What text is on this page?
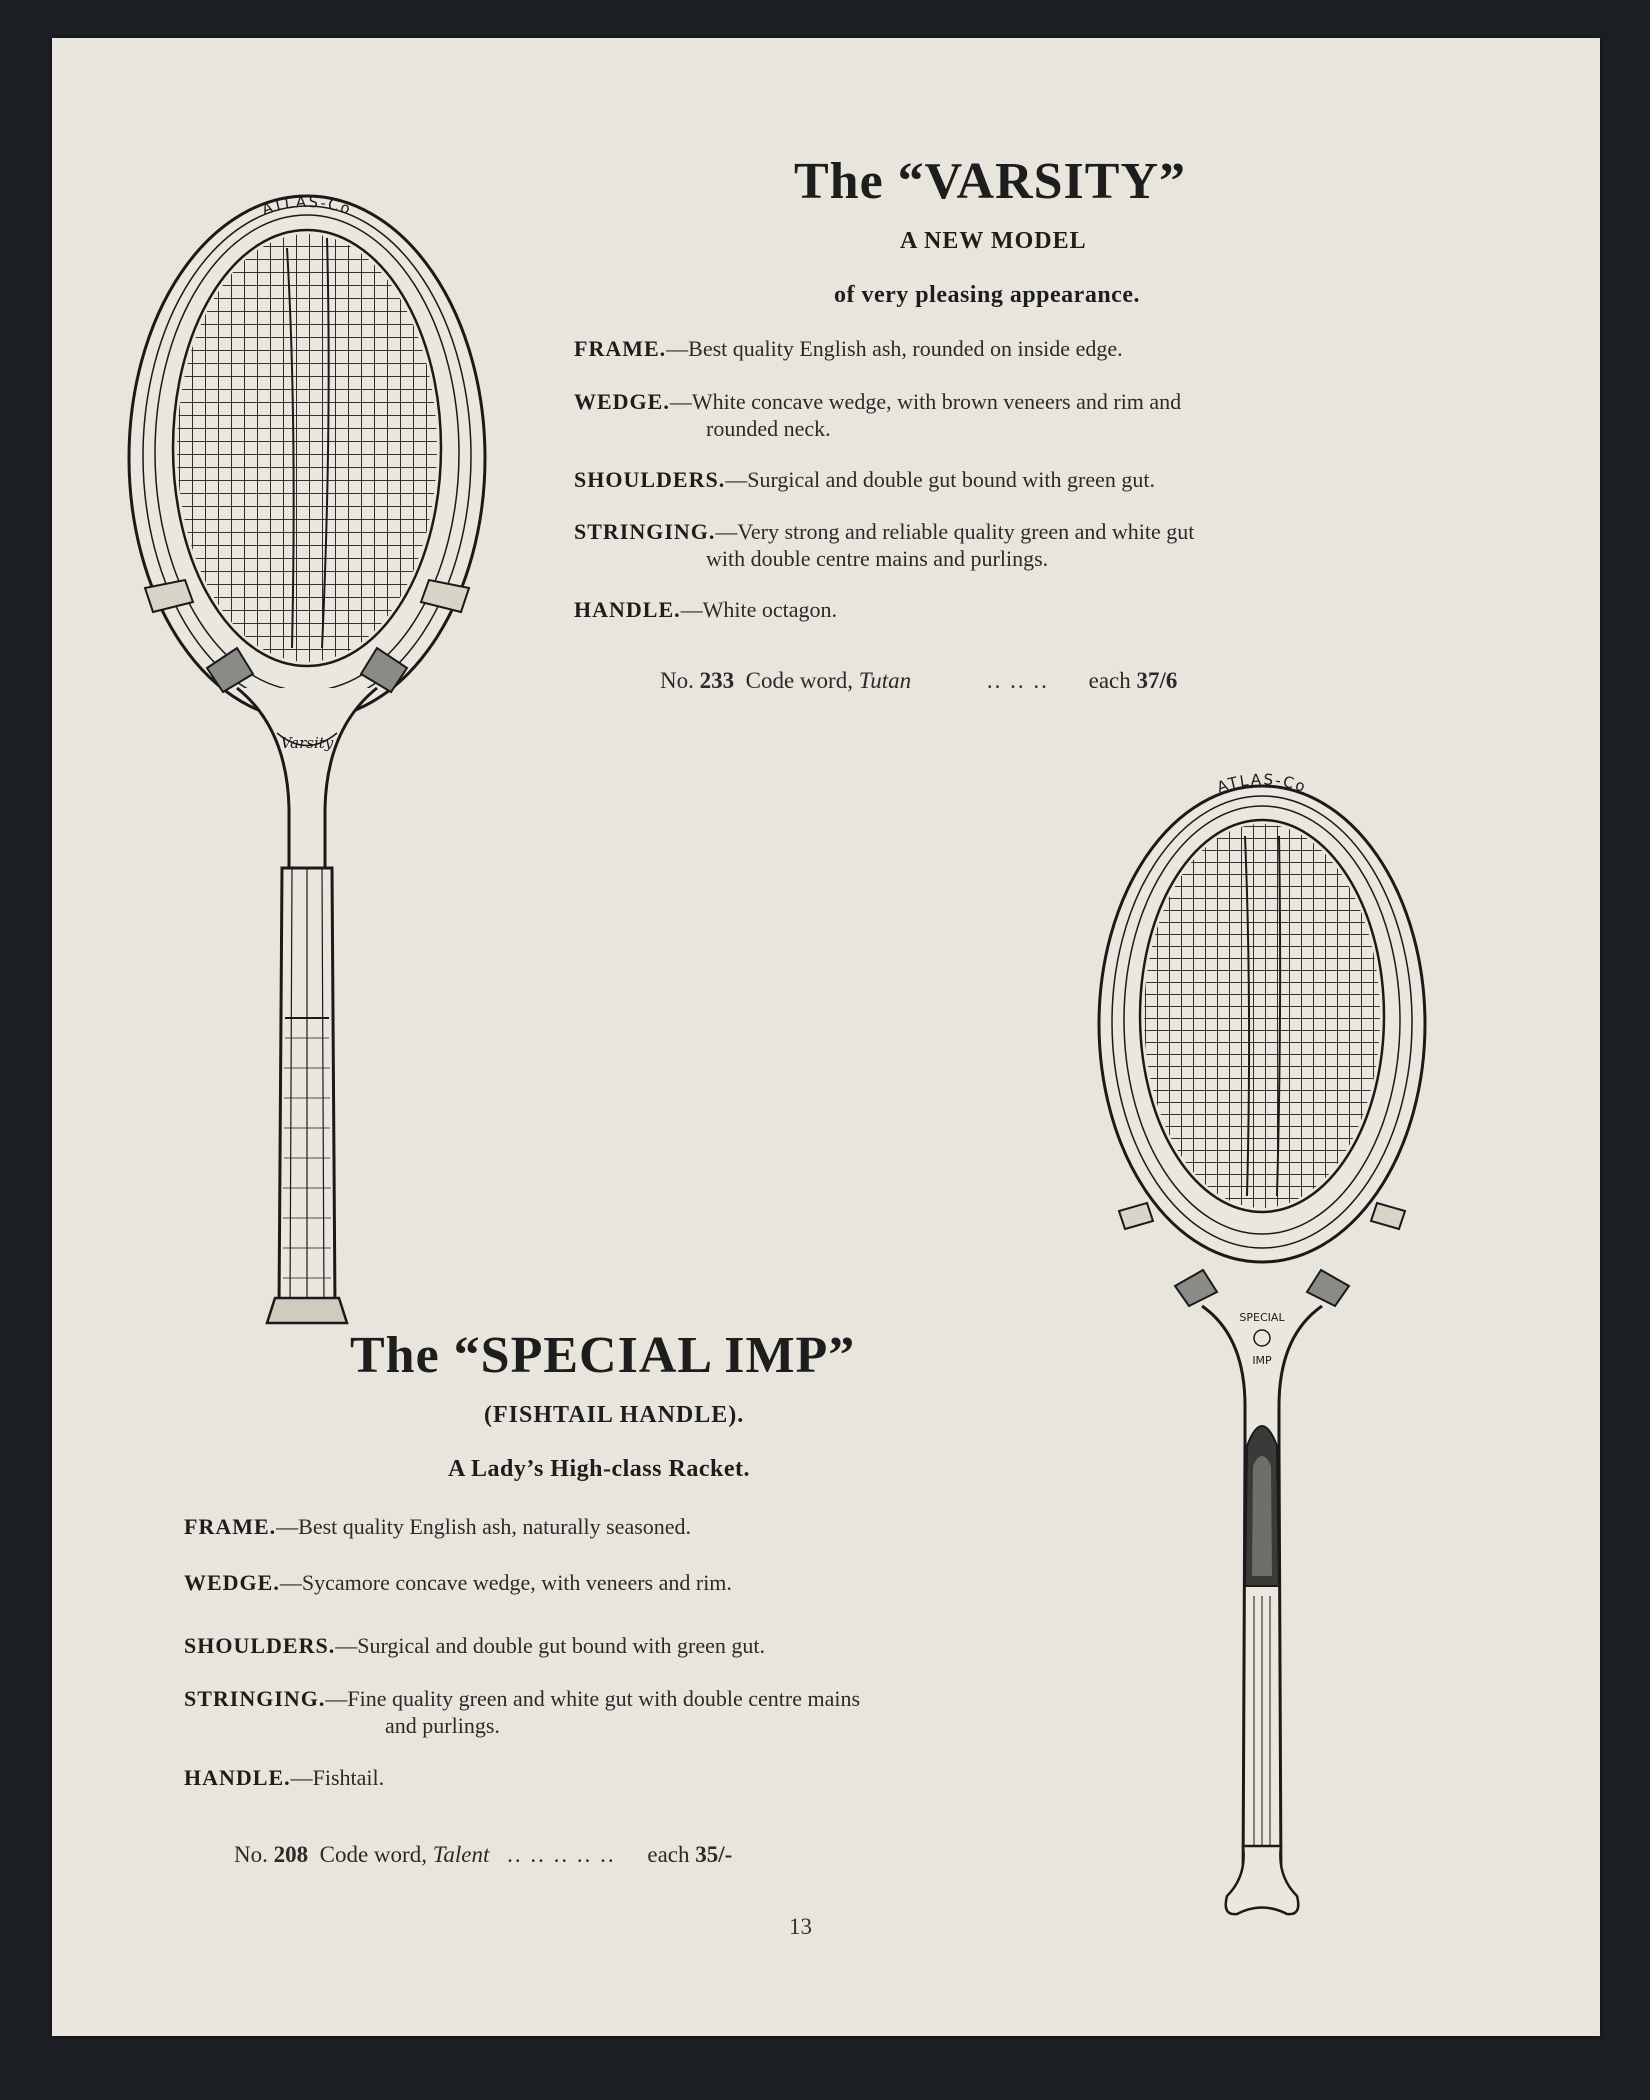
Varsity
ATLAS-Co	The “VARSITY”
A NEW MODEL
of very pleasing appearance.
FRAME.—Best quality English ash, rounded on inside edge.
WEDGE.—White concave wedge, with brown veneers and rim and
rounded neck.
SHOULDERS.—Surgical and double gut bound with green gut.
STRINGING.—Very strong and reliable quality green and white gut
with double centre mains and purlings.
HANDLE.—White octagon.
No. 233 Code word, Tutan	.. .. .. each 37/6
SPECIAL
IMP
ATLAS-Co
The “SPECIAL IMP”
(FISHTAIL HANDLE).
A Lady’s High-class Racket.
FRAME.—Best quality English ash, naturally seasoned.
WEDGE.—Sycamore concave wedge, with veneers and rim.
SHOULDERS.—Surgical and double gut bound with green gut.
STRINGING.—Fine quality green and white gut with double centre mains
and purlings.
HANDLE.—Fishtail.
No. 208 Code word, Talent .. .. .. .. .. each 35/-
13
